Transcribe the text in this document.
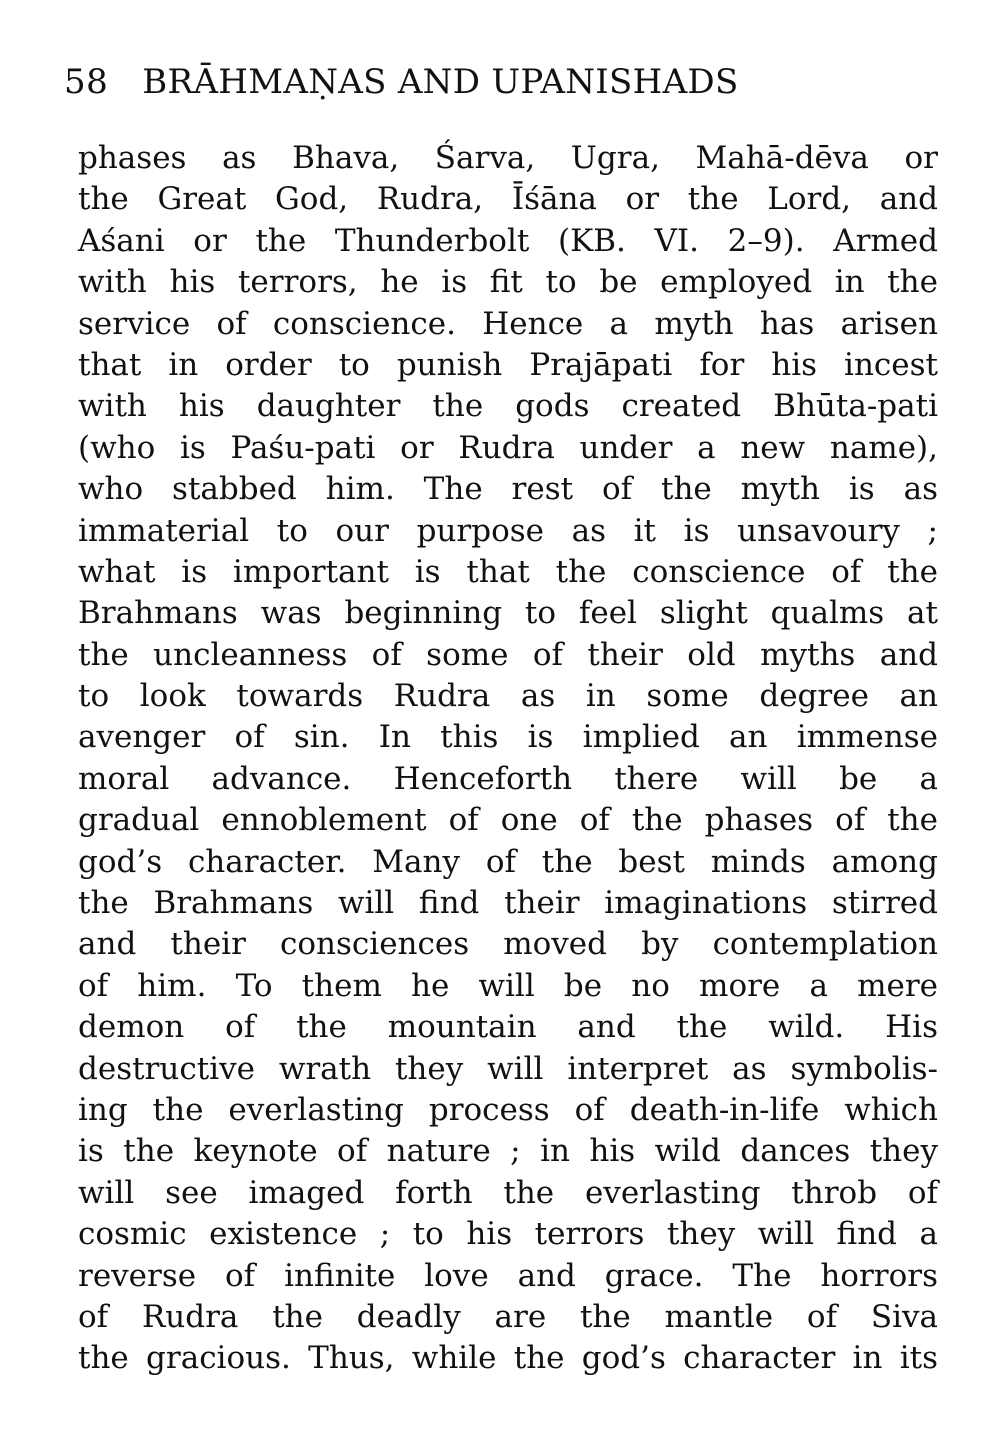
58 BRĀHMAṆAS AND UPANISHADS
phases as Bhava, Śarva, Ugra, Mahā-dēva or
the Great God, Rudra, Īśāna or the Lord, and
Aśani or the Thunderbolt (KB. VI. 2–9). Armed
with his terrors, he is fit to be employed in the
service of conscience. Hence a myth has arisen
that in order to punish Prajāpati for his incest
with his daughter the gods created Bhūta-pati
(who is Paśu-pati or Rudra under a new name),
who stabbed him. The rest of the myth is as
immaterial to our purpose as it is unsavoury ;
what is important is that the conscience of the
Brahmans was beginning to feel slight qualms at
the uncleanness of some of their old myths and
to look towards Rudra as in some degree an
avenger of sin. In this is implied an immense
moral advance. Henceforth there will be a
gradual ennoblement of one of the phases of the
god’s character. Many of the best minds among
the Brahmans will find their imaginations stirred
and their consciences moved by contemplation
of him. To them he will be no more a mere
demon of the mountain and the wild. His
destructive wrath they will interpret as symbolis-
ing the everlasting process of death-in-life which
is the keynote of nature ; in his wild dances they
will see imaged forth the everlasting throb of
cosmic existence ; to his terrors they will find a
reverse of infinite love and grace. The horrors
of Rudra the deadly are the mantle of Siva
the gracious. Thus, while the god’s character in its
